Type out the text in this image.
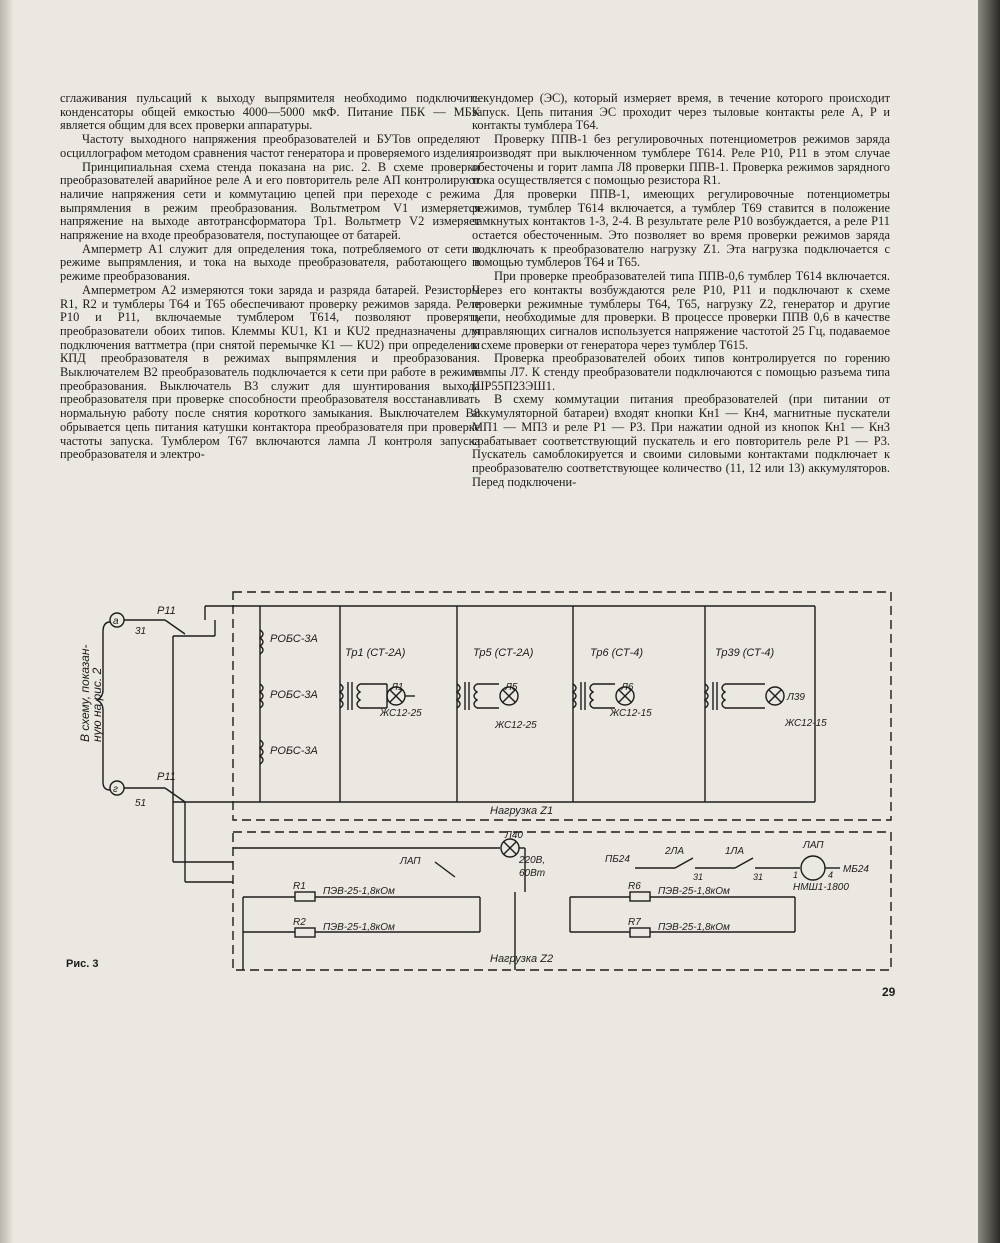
сглаживания пульсаций к выходу выпрямителя необходимо подключить конденсаторы общей емкостью 4000—5000 мкФ. Питание ПБК — МБК является общим для всех проверки аппаратуры.

Частоту выходного напряжения преобразователей и БУТов определяют осциллографом методом сравнения частот генератора и проверяемого изделия.

Принципиальная схема стенда показана на рис. 2. В схеме проверки преобразователей аварийное реле А и его повторитель реле АП контролируют наличие напряжения сети и коммутацию цепей при переходе с режима выпрямления в режим преобразования. Вольтметром V1 измеряется напряжение на выходе автотрансформатора Тр1. Вольтметр V2 измеряет напряжение на входе преобразователя, поступающее от батарей.

Амперметр А1 служит для определения тока, потребляемого от сети в режиме выпрямления, и тока на выходе преобразователя, работающего в режиме преобразования.

Амперметром А2 измеряются токи заряда и разряда батарей. Резисторы R1, R2 и тумблеры Т64 и Т65 обеспечивают проверку режимов заряда. Реле Р10 и Р11, включаемые тумблером Т614, позволяют проверять преобразователи обоих типов. Клеммы КU1, К1 и КU2 предназначены для подключения ваттметра (при снятой перемычке К1 — КU2) при определении КПД преобразователя в режимах выпрямления и преобразования. Выключателем В2 преобразователь подключается к сети при работе в режиме преобразования. Выключатель В3 служит для шунтирования выхода преобразователя при проверке способности преобразователя восстанавливать нормальную работу после снятия короткого замыкания. Выключателем В8 обрывается цепь питания катушки контактора преобразователя при проверке частоты запуска. Тумблером Т67 включаются лампа Л контроля запуска преобразователя и электро-

секундомер (ЭС), который измеряет время, в течение которого происходит запуск. Цепь питания ЭС проходит через тыловые контакты реле А, Р и контакты тумблера Т64.

Проверку ППВ-1 без регулировочных потенциометров режимов заряда производят при выключенном тумблере Т614. Реле Р10, Р11 в этом случае обесточены и горит лампа Л8 проверки ППВ-1. Проверка режимов зарядного тока осуществляется с помощью резистора R1.

Для проверки ППВ-1, имеющих регулировочные потенциометры режимов, тумблер Т614 включается, а тумблер Т69 ставится в положение замкнутых контактов 1-3, 2-4. В результате реле Р10 возбуждается, а реле Р11 остается обесточенным. Это позволяет во время проверки режимов заряда подключать к преобразователю нагрузку Z1. Эта нагрузка подключается с помощью тумблеров Т64 и Т65.

При проверке преобразователей типа ППВ-0,6 тумблер Т614 включается. Через его контакты возбуждаются реле Р10, Р11 и подключают к схеме проверки режимные тумблеры Т64, Т65, нагрузку Z2, генератор и другие цепи, необходимые для проверки. В процессе проверки ППВ 0,6 в качестве управляющих сигналов используется напряжение частотой 25 Гц, подаваемое к схеме проверки от генератора через тумблер Т615.

Проверка преобразователей обоих типов контролируется по горению лампы Л7. К стенду преобразователи подключаются с помощью разъема типа ШР55П23ЭШ1.

В схему коммутации питания преобразователей (при питании от аккумуляторной батареи) входят кнопки Кн1 — Кн4, магнитные пускатели МП1 — МП3 и реле Р1 — Р3. При нажатии одной из кнопок Кн1 — Кн3 срабатывает соответствующий пускатель и его повторитель реле Р1 — Р3. Пускатель самоблокируется и своими силовыми контактами подключает к преобразователю соответствующее количество (11, 12 или 13) аккумуляторов. Перед подключени-

В схему, показан-
ную на рис. 2
а
г
Р11
31
Р11
51
РОБС-3А
РОБС-3А
РОБС-3А
Тр1 (СТ-2А)
Л1
ЖС12-25
Тр5 (СТ-2А)
Л5
ЖС12-25
Тр6 (СТ-4)
Л6
ЖС12-15
Тр39 (СТ-4)
Л39
ЖС12-15
Нагрузка Z1
Нагрузка Z2
ЛАП
Л40
220В,
60Вт
ПБ24
2ЛА
31
1ЛА
31
ЛАП
1	4 МБ24
НМШ1-1800
R1 ПЭВ-25-1,8кОм
R2 ПЭВ-25-1,8кОм
R6 ПЭВ-25-1,8кОм
R7 ПЭВ-25-1,8кОм
Рис. 3
29
